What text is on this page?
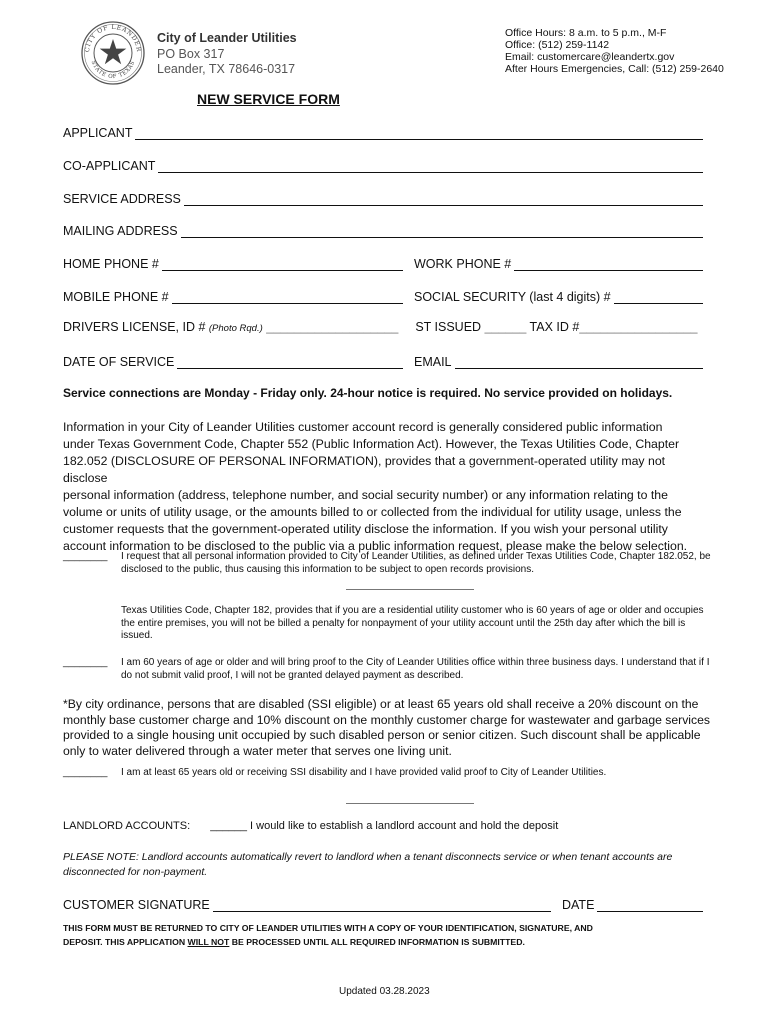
CITY OF LEANDER
STATE OF TEXAS
City of Leander Utilities
PO Box 317
Leander, TX 78646-0317
Office Hours: 8 a.m. to 5 p.m., M-F
Office: (512) 259-1142
Email: customercare@leandertx.gov
After Hours Emergencies, Call: (512) 259-2640
NEW SERVICE FORM
APPLICANT
CO-APPLICANT
SERVICE ADDRESS
MAILING ADDRESS
HOME PHONE #	WORK PHONE #
MOBILE PHONE #	SOCIAL SECURITY (last 4 digits) #
DRIVERS LICENSE, ID # (Photo Rqd.) ___________________ ST ISSUED ______ TAX ID #_________________
DATE OF SERVICE	EMAIL
Service connections are Monday - Friday only. 24-hour notice is required. No service provided on holidays.
Information in your City of Leander Utilities customer account record is generally considered public information
under Texas Government Code, Chapter 552 (Public Information Act). However, the Texas Utilities Code, Chapter
182.052 (DISCLOSURE OF PERSONAL INFORMATION), provides that a government-operated utility may not disclose
personal information (address, telephone number, and social security number) or any information relating to the
volume or units of utility usage, or the amounts billed to or collected from the individual for utility usage, unless the
customer requests that the government-operated utility disclose the information. If you wish your personal utility
account information to be disclosed to the public via a public information request, please make the below selection.
________ I request that all personal information provided to City of Leander Utilities, as defined under Texas Utilities Code, Chapter 182.052, be disclosed to the public, thus causing this information to be subject to open records provisions.
Texas Utilities Code, Chapter 182, provides that if you are a residential utility customer who is 60 years of age or older and occupies the entire premises, you will not be billed a penalty for nonpayment of your utility account until the 25th day after which the bill is issued.
________ I am 60 years of age or older and will bring proof to the City of Leander Utilities office within three business days. I understand that if I do not submit valid proof, I will not be granted delayed payment as described.
*By city ordinance, persons that are disabled (SSI eligible) or at least 65 years old shall receive a 20% discount on the monthly base customer charge and 10% discount on the monthly customer charge for wastewater and garbage services provided to a single housing unit occupied by such disabled person or senior citizen. Such discount shall be applicable only to water delivered through a water meter that serves one living unit.
________ I am at least 65 years old or receiving SSI disability and I have provided valid proof to City of Leander Utilities.
LANDLORD ACCOUNTS: ______ I would like to establish a landlord account and hold the deposit
PLEASE NOTE: Landlord accounts automatically revert to landlord when a tenant disconnects service or when tenant accounts are disconnected for non-payment.
CUSTOMER SIGNATURE	DATE
THIS FORM MUST BE RETURNED TO CITY OF LEANDER UTILITIES WITH A COPY OF YOUR IDENTIFICATION, SIGNATURE, AND
DEPOSIT. THIS APPLICATION WILL NOT BE PROCESSED UNTIL ALL REQUIRED INFORMATION IS SUBMITTED.
Updated 03.28.2023
